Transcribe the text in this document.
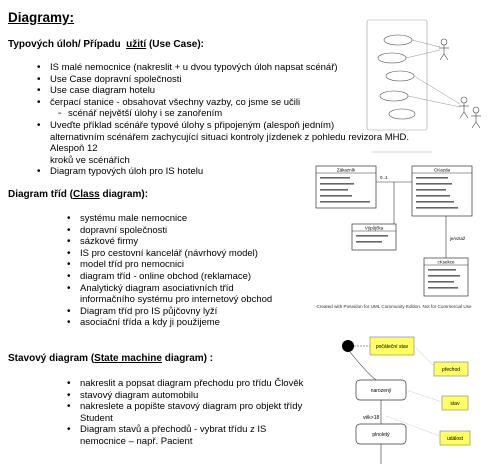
Diagramy:
Typových úloh/ Případu užití (Use Case):
• IS malé nemocnice (nakreslit + u dvou typových úloh napsat scénář)
• Use Case dopravní společnosti
• Use case diagram hotelu
• čerpací stanice - obsahovat všechny vazby, co jsme se učili
- scénář největší úlohy i se zanořením
• Uveďte příklad scénáře typové úlohy s připojeným (alespoň jedním)
alternativním scénářem zachycující situaci kontroly jízdenek z pohledu revizora MHD. Alespoň 12
kroků ve scénářích
• Diagram typových úloh pro IS hotelu
Diagram tříd (Class diagram):
• systému male nemocnice
• dopravní společnosti
• sázkové firmy
• IS pro cestovní kancelář (návrhový model)
• model tříd pro nemocnici
• diagram tříd - online obchod (reklamace)
• Analytický diagram asociativních tříd
informačního systému pro internetový obchod
• Diagram tříd pro IS půjčovny lyží
• asociační třída a kdy ji použijeme
Stavový diagram (State machine diagram) :
• nakreslit a popsat diagram přechodu pro třídu Člověk
• stavový diagram automobilu
• nakreslete a popište stavový diagram pro objekt třídy
Student
• Diagram stavů a přechodů - vybrat třídu z IS
nemocnice – např. Pacient
Zákazník	CKazda
Výpůjčka
cKsekce
0..1
je/vztaž
Created with Poseidon for UML Community Edition. Not for Commercial Use
počáteční stav
přechod
stav
událost
narozený
plnoletý
věk>18
